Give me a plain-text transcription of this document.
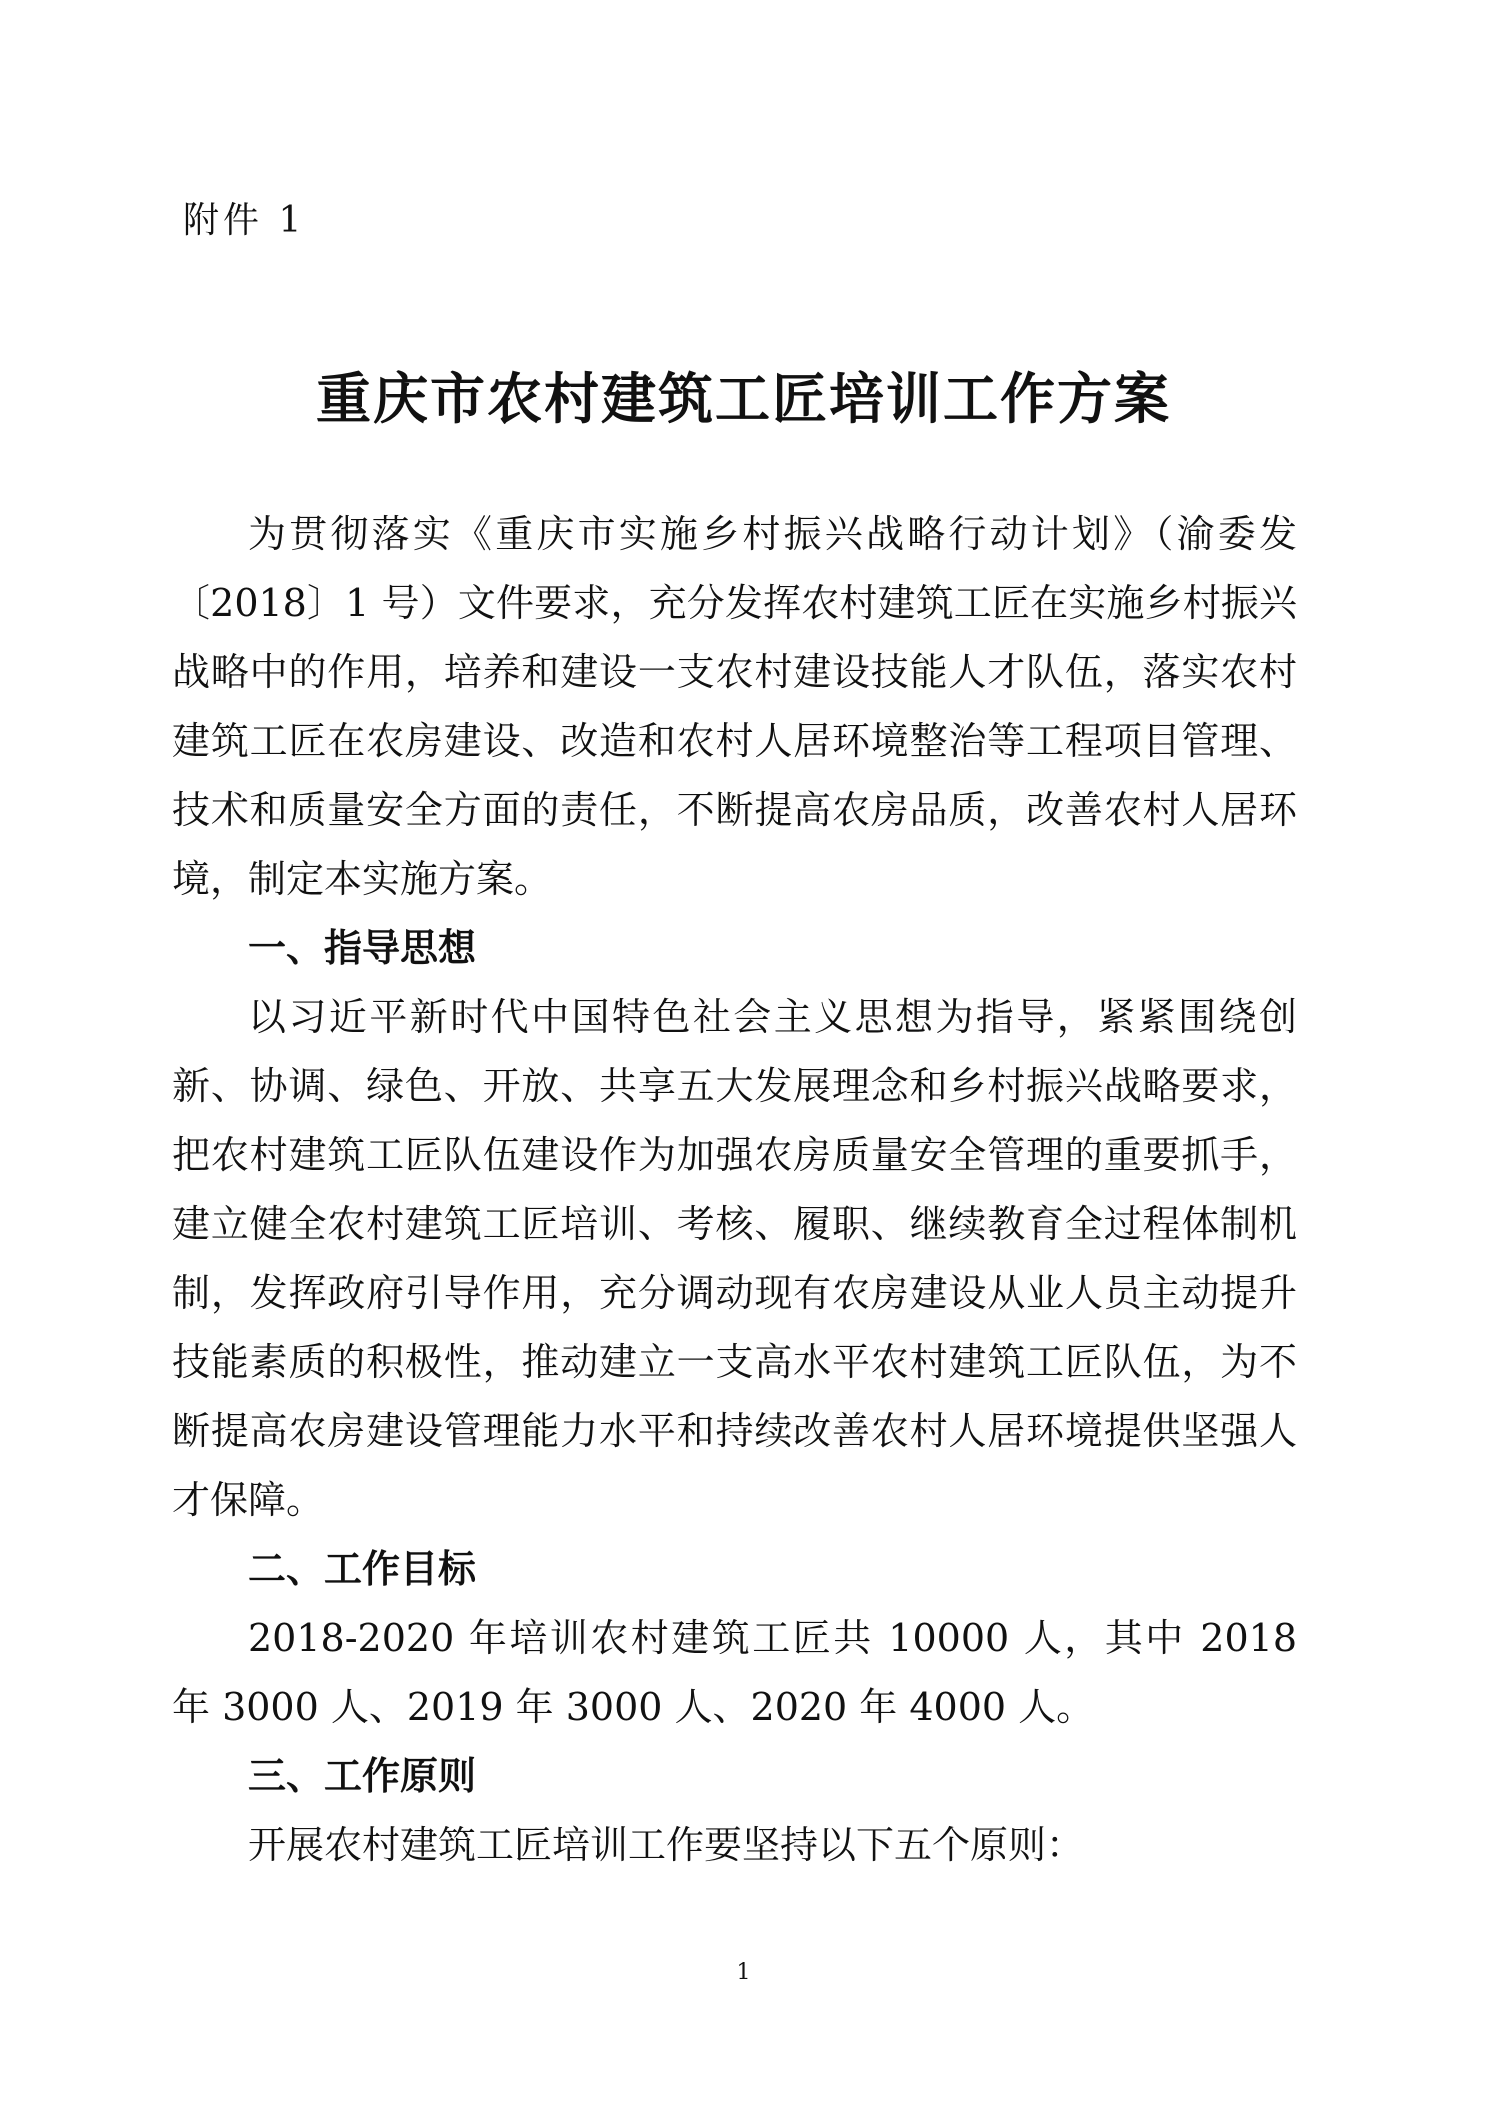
附件 1
重庆市农村建筑工匠培训工作方案

为贯彻落实《重庆市实施乡村振兴战略行动计划》（渝委发〔2018〕1 号）文件要求，充分发挥农村建筑工匠在实施乡村振兴战略中的作用，培养和建设一支农村建设技能人才队伍，落实农村建筑工匠在农房建设、改造和农村人居环境整治等工程项目管理、技术和质量安全方面的责任，不断提高农房品质，改善农村人居环境，制定本实施方案。

一、指导思想

以习近平新时代中国特色社会主义思想为指导，紧紧围绕创新、协调、绿色、开放、共享五大发展理念和乡村振兴战略要求，把农村建筑工匠队伍建设作为加强农房质量安全管理的重要抓手，建立健全农村建筑工匠培训、考核、履职、继续教育全过程体制机制，发挥政府引导作用，充分调动现有农房建设从业人员主动提升技能素质的积极性，推动建立一支高水平农村建筑工匠队伍，为不断提高农房建设管理能力水平和持续改善农村人居环境提供坚强人才保障。

二、工作目标

2018-2020 年培训农村建筑工匠共 10000 人，其中 2018 年 3000 人、2019 年 3000 人、2020 年 4000 人。

三、工作原则

开展农村建筑工匠培训工作要坚持以下五个原则：

1
